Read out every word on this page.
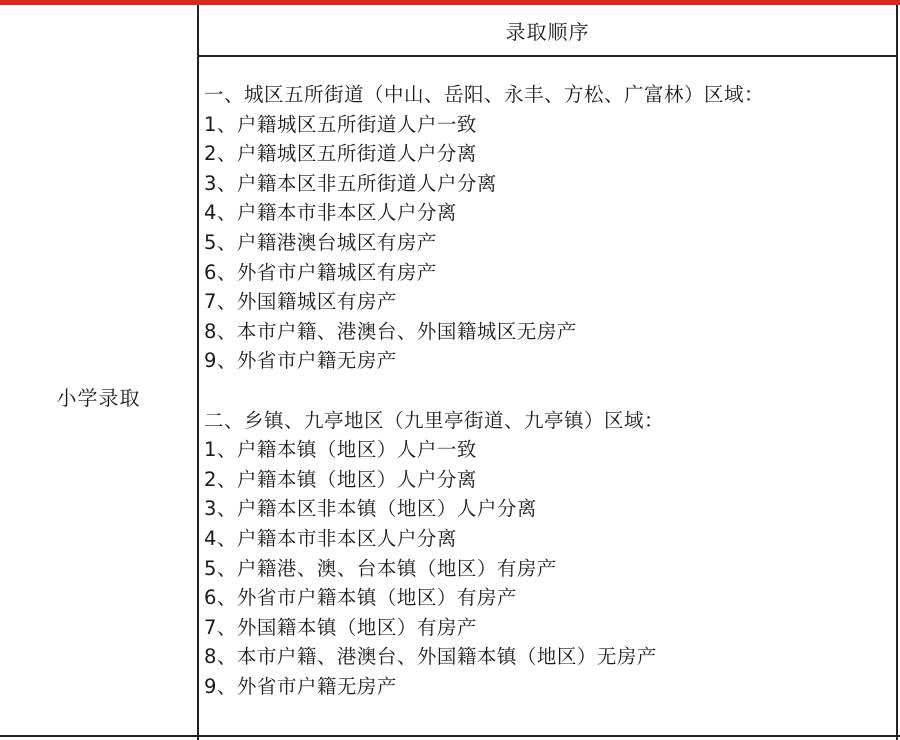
录取顺序
小学录取
一、城区五所街道（中山、岳阳、永丰、方松、广富林）区域：
1、户籍城区五所街道人户一致
2、户籍城区五所街道人户分离
3、户籍本区非五所街道人户分离
4、户籍本市非本区人户分离
5、户籍港澳台城区有房产
6、外省市户籍城区有房产
7、外国籍城区有房产
8、本市户籍、港澳台、外国籍城区无房产
9、外省市户籍无房产
二、乡镇、九亭地区（九里亭街道、九亭镇）区域：
1、户籍本镇（地区）人户一致
2、户籍本镇（地区）人户分离
3、户籍本区非本镇（地区）人户分离
4、户籍本市非本区人户分离
5、户籍港、澳、台本镇（地区）有房产
6、外省市户籍本镇（地区）有房产
7、外国籍本镇（地区）有房产
8、本市户籍、港澳台、外国籍本镇（地区）无房产
9、外省市户籍无房产
